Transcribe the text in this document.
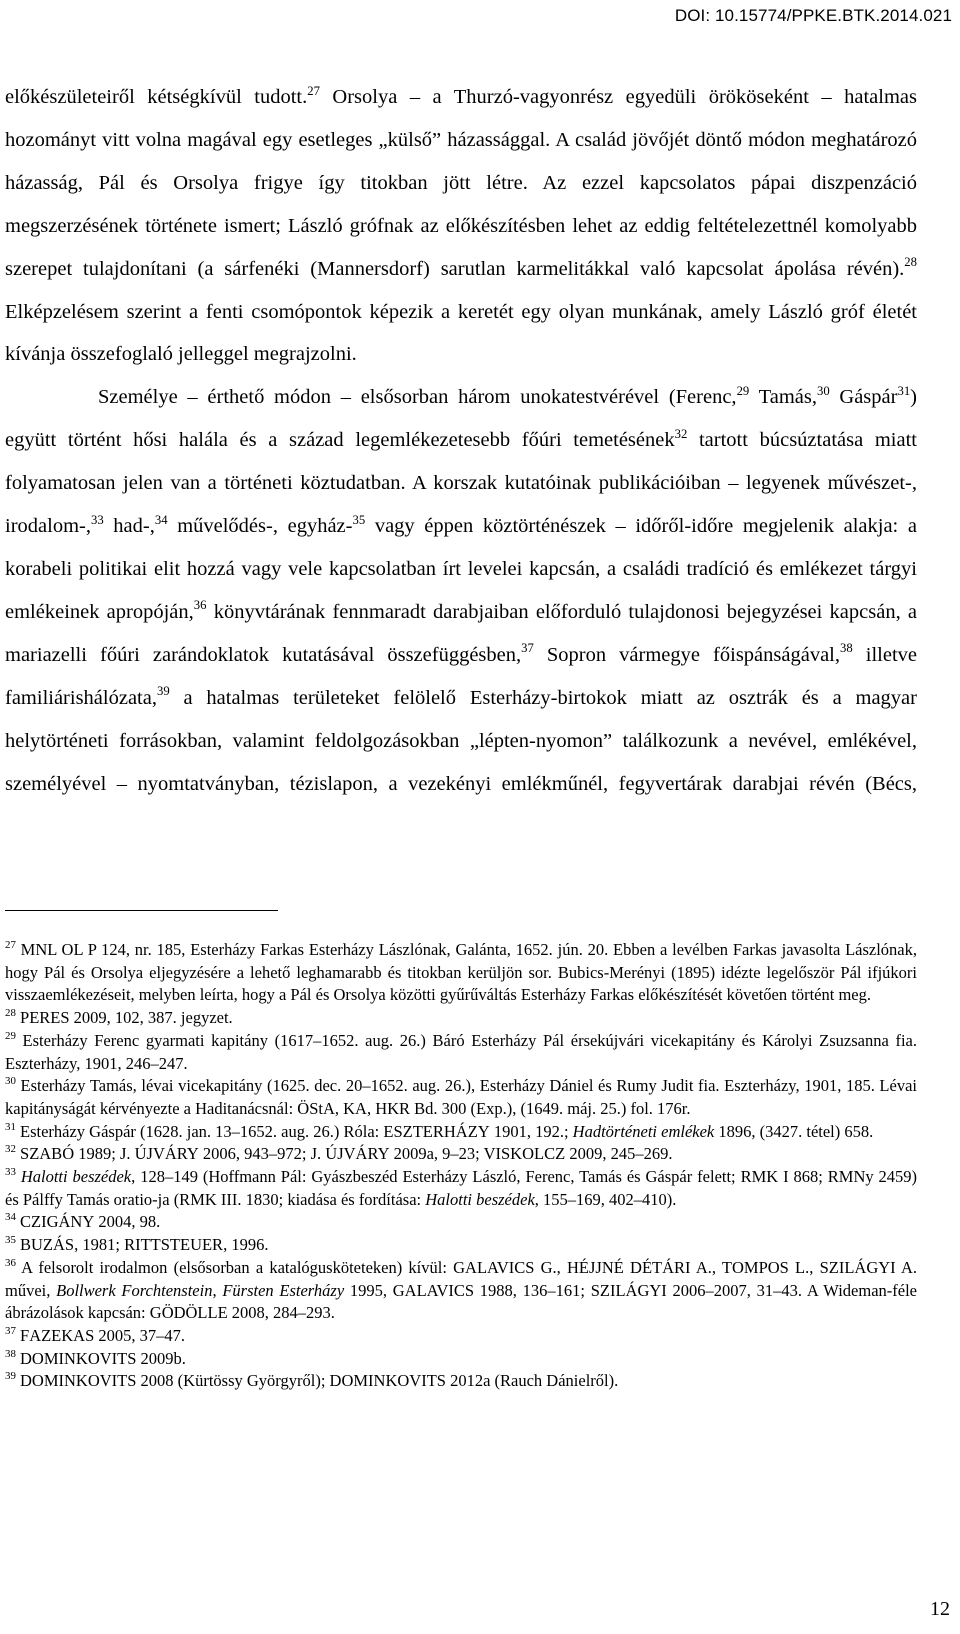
DOI: 10.15774/PPKE.BTK.2014.021

előkészületeiről kétségkívül tudott.$^{27}$ Orsolya – a Thurzó-vagyonrész egyedüli örököseként – hatalmas hozományt vitt volna magával egy esetleges „külső” házassággal. A család jövőjét döntő módon meghatározó házasság, Pál és Orsolya frigye így titokban jött létre. Az ezzel kapcsolatos pápai diszpenzáció megszerzésének története ismert; László grófnak az előkészítésben lehet az eddig feltételezettnél komolyabb szerepet tulajdonítani (a sárfenéki (Mannersdorf) sarutlan karmelitákkal való kapcsolat ápolása révén).$^{28}$ Elképzelésem szerint a fenti csomópontok képezik a keretét egy olyan munkának, amely László gróf életét kívánja összefoglaló jelleggel megrajzolni.

Személye – érthető módon – elsősorban három unokatestvérével (Ferenc,$^{29}$ Tamás,$^{30}$ Gáspár$^{31}$) együtt történt hősi halála és a század legemlékezetesebb főúri temetésének$^{32}$ tartott búcsúztatása miatt folyamatosan jelen van a történeti köztudatban. A korszak kutatóinak publikációiban – legyenek művészet-, irodalom-,$^{33}$ had-,$^{34}$ művelődés-, egyház-$^{35}$ vagy éppen köztörténészek – időről-időre megjelenik alakja: a korabeli politikai elit hozzá vagy vele kapcsolatban írt levelei kapcsán, a családi tradíció és emlékezet tárgyi emlékeinek apropóján,$^{36}$ könyvtárának fennmaradt darabjaiban előforduló tulajdonosi bejegyzései kapcsán, a mariazelli főúri zarándoklatok kutatásával összefüggésben,$^{37}$ Sopron vármegye főispánságával,$^{38}$ illetve familiárishálózata,$^{39}$ a hatalmas területeket felölelő Esterházy-birtokok miatt az osztrák és a magyar helytörténeti forrásokban, valamint feldolgozásokban „lépten-nyomon” találkozunk a nevével, emlékével, személyével – nyomtatványban, tézislapon, a vezekényi emlékműnél, fegyvertárak darabjai révén (Bécs,

$^{27}$ MNL OL P 124, nr. 185, Esterházy Farkas Esterházy Lászlónak, Galánta, 1652. jún. 20. Ebben a levélben Farkas javasolta Lászlónak, hogy Pál és Orsolya eljegyzésére a lehető leghamarabb és titokban kerüljön sor. Bubics-Merényi (1895) idézte legelőször Pál ifjúkori visszaemlékezéseit, melyben leírta, hogy a Pál és Orsolya közötti gyűrűváltás Esterházy Farkas előkészítését követően történt meg.

$^{28}$ PERES 2009, 102, 387. jegyzet.

$^{29}$ Esterházy Ferenc gyarmati kapitány (1617–1652. aug. 26.) Báró Esterházy Pál érsekújvári vicekapitány és Károlyi Zsuzsanna fia. Eszterházy, 1901, 246–247.

$^{30}$ Esterházy Tamás, lévai vicekapitány (1625. dec. 20–1652. aug. 26.), Esterházy Dániel és Rumy Judit fia. Eszterházy, 1901, 185. Lévai kapitányságát kérvényezte a Haditanácsnál: ÖStA, KA, HKR Bd. 300 (Exp.), (1649. máj. 25.) fol. 176r.

$^{31}$ Esterházy Gáspár (1628. jan. 13–1652. aug. 26.) Róla: ESZTERHÁZY 1901, 192.; Hadtörténeti emlékek 1896, (3427. tétel) 658.

$^{32}$ SZABÓ 1989; J. ÚJVÁRY 2006, 943–972; J. ÚJVÁRY 2009a, 9–23; VISKOLCZ 2009, 245–269.

$^{33}$ Halotti beszédek, 128–149 (Hoffmann Pál: Gyászbeszéd Esterházy László, Ferenc, Tamás és Gáspár felett; RMK I 868; RMNy 2459) és Pálffy Tamás oratio-ja (RMK III. 1830; kiadása és fordítása: Halotti beszédek, 155–169, 402–410).

$^{34}$ CZIGÁNY 2004, 98.

$^{35}$ BUZÁS, 1981; RITTSTEUER, 1996.

$^{36}$ A felsorolt irodalmon (elsősorban a katalógusköteteken) kívül: GALAVICS G., HÉJJNÉ DÉTÁRI A., TOMPOS L., SZILÁGYI A. művei, Bollwerk Forchtenstein, Fürsten Esterházy 1995, GALAVICS 1988, 136–161; SZILÁGYI 2006–2007, 31–43. A Wideman-féle ábrázolások kapcsán: GÖDÖLLE 2008, 284–293.

$^{37}$ FAZEKAS 2005, 37–47.

$^{38}$ DOMINKOVITS 2009b.

$^{39}$ DOMINKOVITS 2008 (Kürtössy Györgyről); DOMINKOVITS 2012a (Rauch Dánielről).

12
